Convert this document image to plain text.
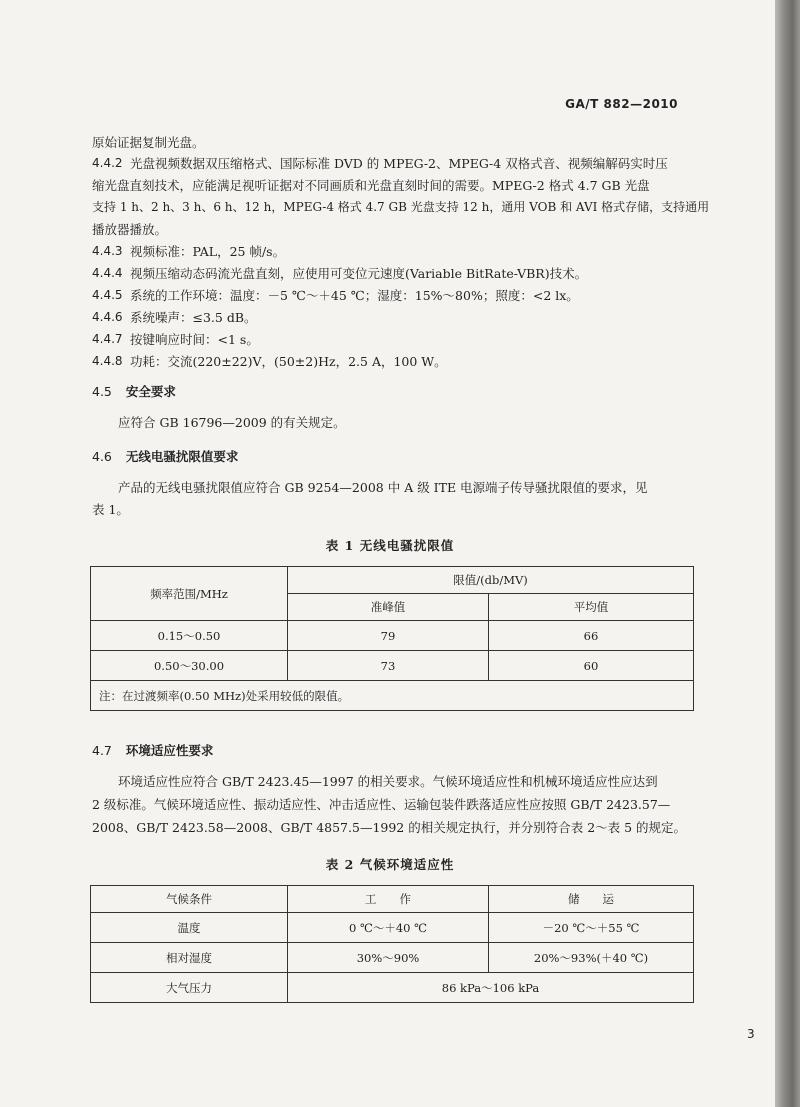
GA/T 882—2010
原始证据复制光盘。
4.4.2 光盘视频数据双压缩格式、国际标准 DVD 的 MPEG-2、MPEG-4 双格式音、视频编解码实时压
缩光盘直刻技术，应能满足视听证据对不同画质和光盘直刻时间的需要。MPEG-2 格式 4.7 GB 光盘
支持 1 h、2 h、3 h、6 h、12 h，MPEG-4 格式 4.7 GB 光盘支持 12 h，通用 VOB 和 AVI 格式存储，支持通用
播放器播放。
4.4.3 视频标准：PAL，25 帧/s。
4.4.4 视频压缩动态码流光盘直刻，应使用可变位元速度(Variable BitRate-VBR)技术。
4.4.5 系统的工作环境：温度：－5 ℃～＋45 ℃；湿度：15%～80%；照度：<2 lx。
4.4.6 系统噪声：≤3.5 dB。
4.4.7 按键响应时间：<1 s。
4.4.8 功耗：交流(220±22)V，(50±2)Hz，2.5 A，100 W。
4.5 安全要求
应符合 GB 16796—2009 的有关规定。
4.6 无线电骚扰限值要求
产品的无线电骚扰限值应符合 GB 9254—2008 中 A 级 ITE 电源端子传导骚扰限值的要求，见
表 1。
表 1 无线电骚扰限值
频率范围/MHz	限值/(db/MV)	
	准峰值	平均值
0.15～0.50	79	66
0.50～30.00	73	60
注：在过渡频率(0.50 MHz)处采用较低的限值。		
4.7 环境适应性要求
环境适应性应符合 GB/T 2423.45—1997 的相关要求。气候环境适应性和机械环境适应性应达到
2 级标准。气候环境适应性、振动适应性、冲击适应性、运输包装件跌落适应性应按照 GB/T 2423.57—
2008、GB/T 2423.58—2008、GB/T 4857.5—1992 的相关规定执行，并分别符合表 2～表 5 的规定。
表 2 气候环境适应性
气候条件	工　　作	储　　运
温度	0 ℃～＋40 ℃	－20 ℃～＋55 ℃
相对湿度	30%～90%	20%～93%(＋40 ℃)
大气压力	86 kPa～106 kPa	
3
